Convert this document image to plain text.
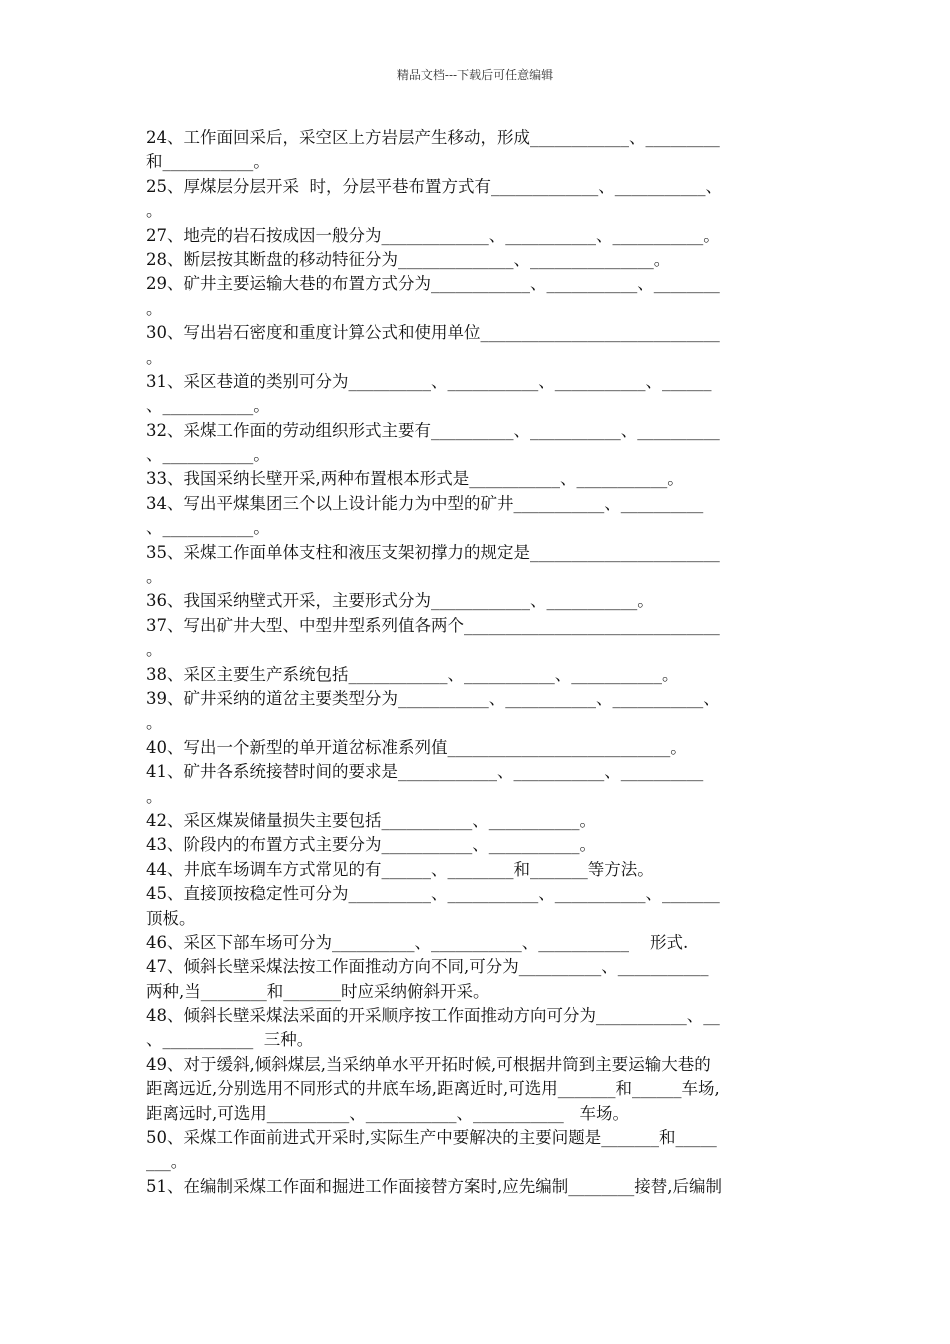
精品文档---下载后可任意编辑
24、工作面回采后，采空区上方岩层产生移动，形成____________、_________
和___________。
25、厚煤层分层开采  时，分层平巷布置方式有_____________、___________、
。
27、地壳的岩石按成因一般分为_____________、___________、___________。
28、断层按其断盘的移动特征分为______________、_______________。
29、矿井主要运输大巷的布置方式分为____________、___________、________
。
30、写出岩石密度和重度计算公式和使用单位_____________________________
。
31、采区巷道的类别可分为__________、___________、___________、______
、___________。
32、采煤工作面的劳动组织形式主要有__________、___________、__________
、___________。
33、我国采纳长壁开采,两种布置根本形式是___________、___________。
34、写出平煤集团三个以上设计能力为中型的矿井___________、__________
、___________。
35、采煤工作面单体支柱和液压支架初撑力的规定是_______________________
。
36、我国采纳壁式开采，主要形式分为____________、___________。
37、写出矿井大型、中型井型系列值各两个_______________________________
。
38、采区主要生产系统包括____________、___________、___________。
39、矿井采纳的道岔主要类型分为___________、___________、___________、
。
40、写出一个新型的单开道岔标准系列值___________________________。
41、矿井各系统接替时间的要求是____________、___________、__________
。
42、采区煤炭储量损失主要包括___________、___________。
43、阶段内的布置方式主要分为___________、___________。
44、井底车场调车方式常见的有______、________和_______等方法。
45、直接顶按稳定性可分为__________、___________、___________、_______
顶板。
46、采区下部车场可分为__________、___________、___________    形式.
47、倾斜长壁采煤法按工作面推动方向不同,可分为__________、___________
两种,当________和_______时应采纳俯斜开采。
48、倾斜长壁采煤法采面的开采顺序按工作面推动方向可分为___________、__
、___________  三种。
49、对于缓斜,倾斜煤层,当采纳单水平开拓时候,可根据井筒到主要运输大巷的
距离远近,分别选用不同形式的井底车场,距离近时,可选用_______和______车场,
距离远时,可选用__________、___________、___________   车场。
50、采煤工作面前进式开采时,实际生产中要解决的主要问题是_______和_____
___。
51、在编制采煤工作面和掘进工作面接替方案时,应先编制________接替,后编制
